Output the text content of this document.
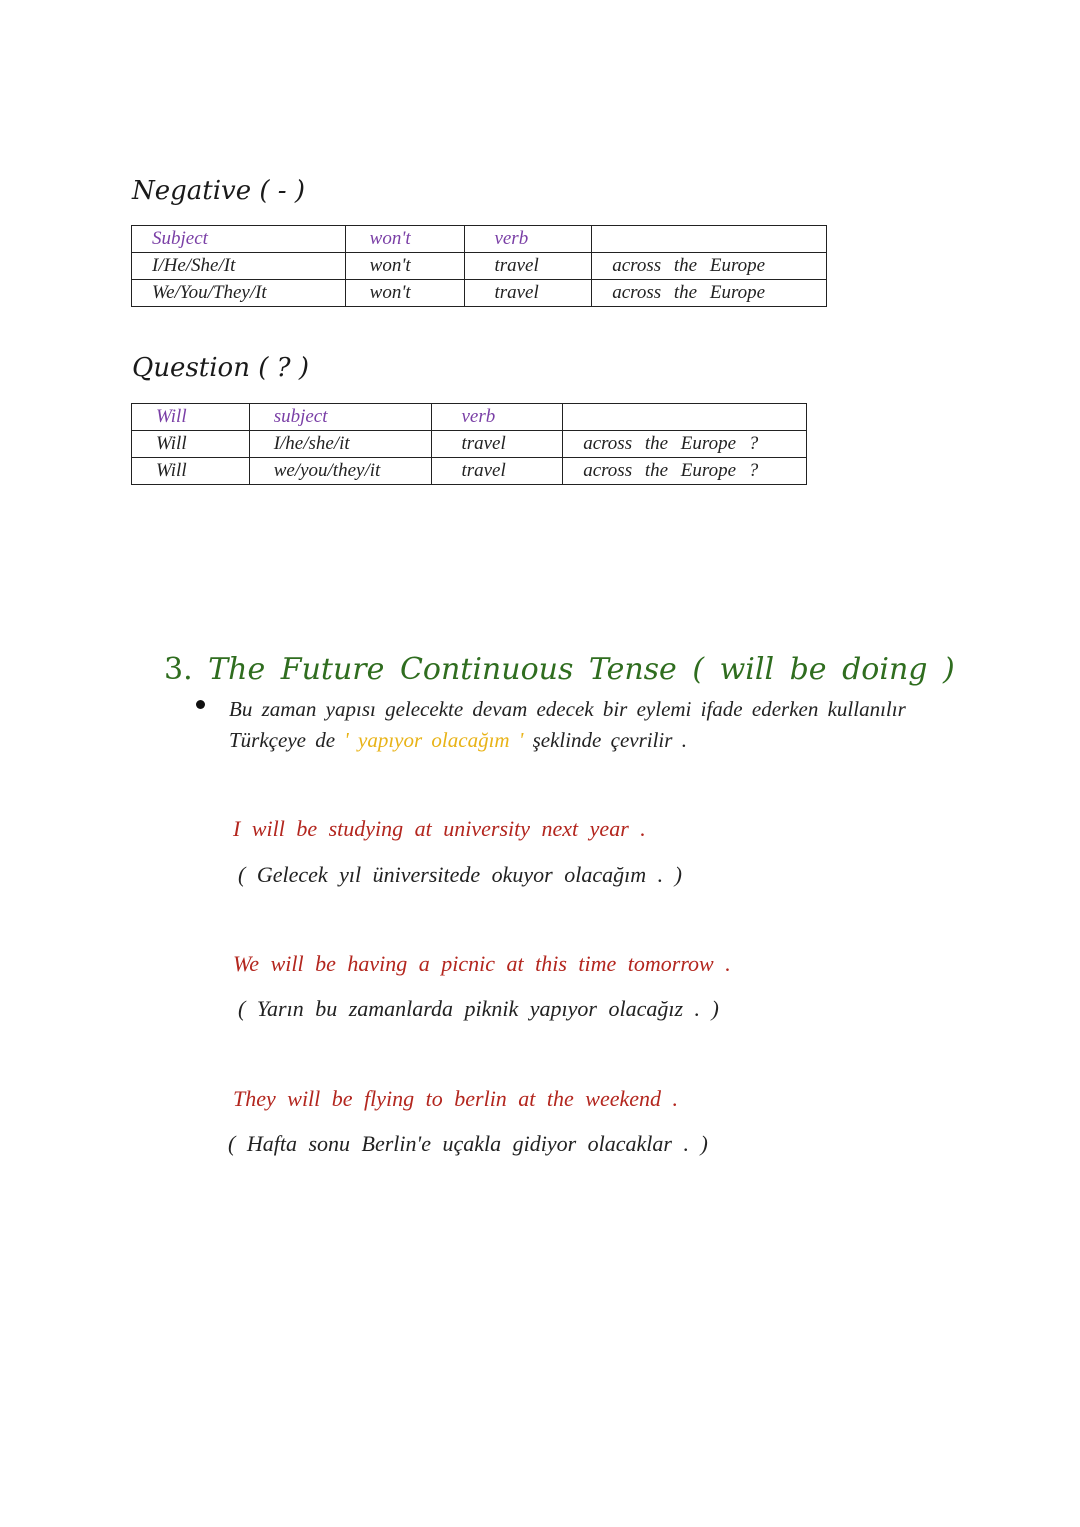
Negative ( - )
Subject	won't	verb	
I/He/She/It	won't	travel	across the Europe
We/You/They/It	won't	travel	across the Europe
Question ( ? )
Will	subject	verb	
Will	I/he/she/it	travel	across the Europe ?
Will	we/you/they/it	travel	across the Europe ?
3. The Future Continuous Tense ( will be doing )
Bu zaman yapısı gelecekte devam edecek bir eylemi ifade ederken kullanılır
Türkçeye de ' yapıyor olacağım ' şeklinde çevrilir .
I will be studying at university next year .
( Gelecek yıl üniversitede okuyor olacağım . )
We will be having a picnic at this time tomorrow .
( Yarın bu zamanlarda piknik yapıyor olacağız . )
They will be flying to berlin at the weekend .
( Hafta sonu Berlin'e uçakla gidiyor olacaklar . )
